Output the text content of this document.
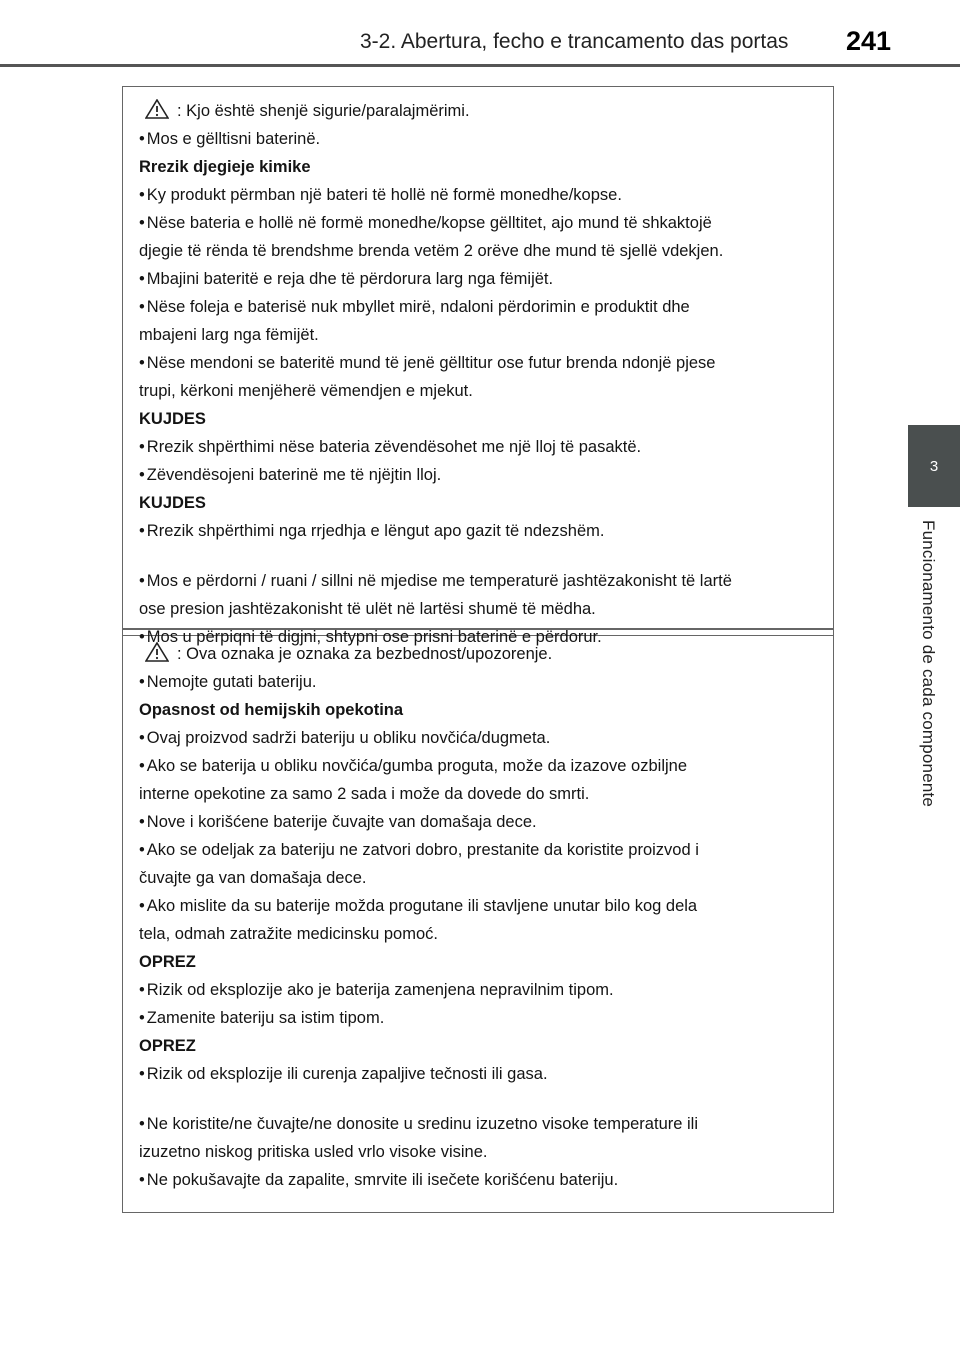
3-2. Abertura, fecho e trancamento das portas 241
3
Funcionamento de cada componente
: Kjo është shenjë sigurie/paralajmërimi.
• Mos e gëlltisni baterinë.
Rrezik djegieje kimike
• Ky produkt përmban një bateri të hollë në formë monedhe/kopse.
• Nëse bateria e hollë në formë monedhe/kopse gëlltitet, ajo mund të shkaktojë
djegie të rënda të brendshme brenda vetëm 2 orëve dhe mund të sjellë vdekjen.
• Mbajini bateritë e reja dhe të përdorura larg nga fëmijët.
• Nëse foleja e baterisë nuk mbyllet mirë, ndaloni përdorimin e produktit dhe
mbajeni larg nga fëmijët.
• Nëse mendoni se bateritë mund të jenë gëlltitur ose futur brenda ndonjë pjese
trupi, kërkoni menjëherë vëmendjen e mjekut.
KUJDES
• Rrezik shpërthimi nëse bateria zëvendësohet me një lloj të pasaktë.
• Zëvendësojeni baterinë me të njëjtin lloj.
KUJDES
• Rrezik shpërthimi nga rrjedhja e lëngut apo gazit të ndezshëm.
• Mos e përdorni / ruani / sillni në mjedise me temperaturë jashtëzakonisht të lartë
ose presion jashtëzakonisht të ulët në lartësi shumë të mëdha.
• Mos u përpiqni të digjni, shtypni ose prisni baterinë e përdorur.
: Ova oznaka je oznaka za bezbednost/upozorenje.
• Nemojte gutati bateriju.
Opasnost od hemijskih opekotina
• Ovaj proizvod sadrži bateriju u obliku novčića/dugmeta.
• Ako se baterija u obliku novčića/gumba proguta, može da izazove ozbiljne
interne opekotine za samo 2 sada i može da dovede do smrti.
• Nove i korišćene baterije čuvajte van domašaja dece.
• Ako se odeljak za bateriju ne zatvori dobro, prestanite da koristite proizvod i
čuvajte ga van domašaja dece.
• Ako mislite da su baterije možda progutane ili stavljene unutar bilo kog dela
tela, odmah zatražite medicinsku pomoć.
OPREZ
• Rizik od eksplozije ako je baterija zamenjena nepravilnim tipom.
• Zamenite bateriju sa istim tipom.
OPREZ
• Rizik od eksplozije ili curenja zapaljive tečnosti ili gasa.
• Ne koristite/ne čuvajte/ne donosite u sredinu izuzetno visoke temperature ili
izuzetno niskog pritiska usled vrlo visoke visine.
• Ne pokušavajte da zapalite, smrvite ili isečete korišćenu bateriju.
